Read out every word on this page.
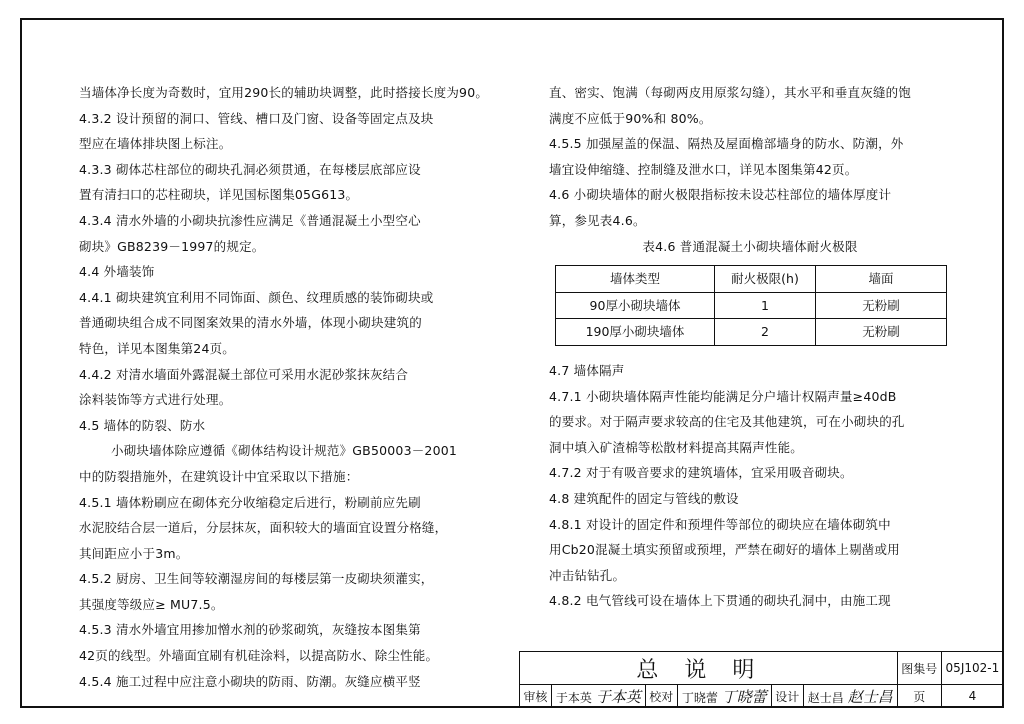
当墙体净长度为奇数时，宜用290长的辅助块调整，此时搭接长度为90。

4.3.2 设计预留的洞口、管线、槽口及门窗、设备等固定点及块

型应在墙体排块图上标注。

4.3.3 砌体芯柱部位的砌块孔洞必须贯通，在每楼层底部应设

置有清扫口的芯柱砌块，详见国标图集05G613。

4.3.4 清水外墙的小砌块抗渗性应满足《普通混凝土小型空心

砌块》GB8239－1997的规定。

4.4 外墙装饰

4.4.1 砌块建筑宜利用不同饰面、颜色、纹理质感的装饰砌块或

普通砌块组合成不同图案效果的清水外墙，体现小砌块建筑的

特色，详见本图集第24页。

4.4.2 对清水墙面外露混凝土部位可采用水泥砂浆抹灰结合

涂料装饰等方式进行处理。

4.5 墙体的防裂、防水

小砌块墙体除应遵循《砌体结构设计规范》GB50003－2001

中的防裂措施外，在建筑设计中宜采取以下措施：

4.5.1 墙体粉刷应在砌体充分收缩稳定后进行，粉刷前应先刷

水泥胶结合层一道后，分层抹灰，面积较大的墙面宜设置分格缝，

其间距应小于3m。

4.5.2 厨房、卫生间等较潮湿房间的每楼层第一皮砌块须灌实，

其强度等级应≥ MU7.5。

4.5.3 清水外墙宜用掺加憎水剂的砂浆砌筑，灰缝按本图集第

42页的线型。外墙面宜刷有机硅涂料，以提高防水、除尘性能。

4.5.4 施工过程中应注意小砌块的防雨、防潮。灰缝应横平竖

直、密实、饱满（每砌两皮用原浆勾缝），其水平和垂直灰缝的饱

满度不应低于90%和 80%。

4.5.5 加强屋盖的保温、隔热及屋面檐部墙身的防水、防潮，外

墙宜设伸缩缝、控制缝及泄水口，详见本图集第42页。

4.6 小砌块墙体的耐火极限指标按未设芯柱部位的墙体厚度计

算，参见表4.6。

表4.6 普通混凝土小砌块墙体耐火极限

墙体类型	耐火极限(h)	墙面
90厚小砌块墙体	1	无粉刷
190厚小砌块墙体	2	无粉刷

4.7 墙体隔声

4.7.1 小砌块墙体隔声性能均能满足分户墙计权隔声量≥40dB

的要求。对于隔声要求较高的住宅及其他建筑，可在小砌块的孔

洞中填入矿渣棉等松散材料提高其隔声性能。

4.7.2 对于有吸音要求的建筑墙体，宜采用吸音砌块。

4.8 建筑配件的固定与管线的敷设

4.8.1 对设计的固定件和预埋件等部位的砌块应在墙体砌筑中

用Cb20混凝土填实预留或预埋，严禁在砌好的墙体上剔凿或用

冲击钻钻孔。

4.8.2 电气管线可设在墙体上下贯通的砌块孔洞中，由施工现

总说明						图集号	05J102-1
审核	于本英 于本英	校对	丁晓蕾 丁晓蕾	设计	赵士昌 赵士昌	页	4
